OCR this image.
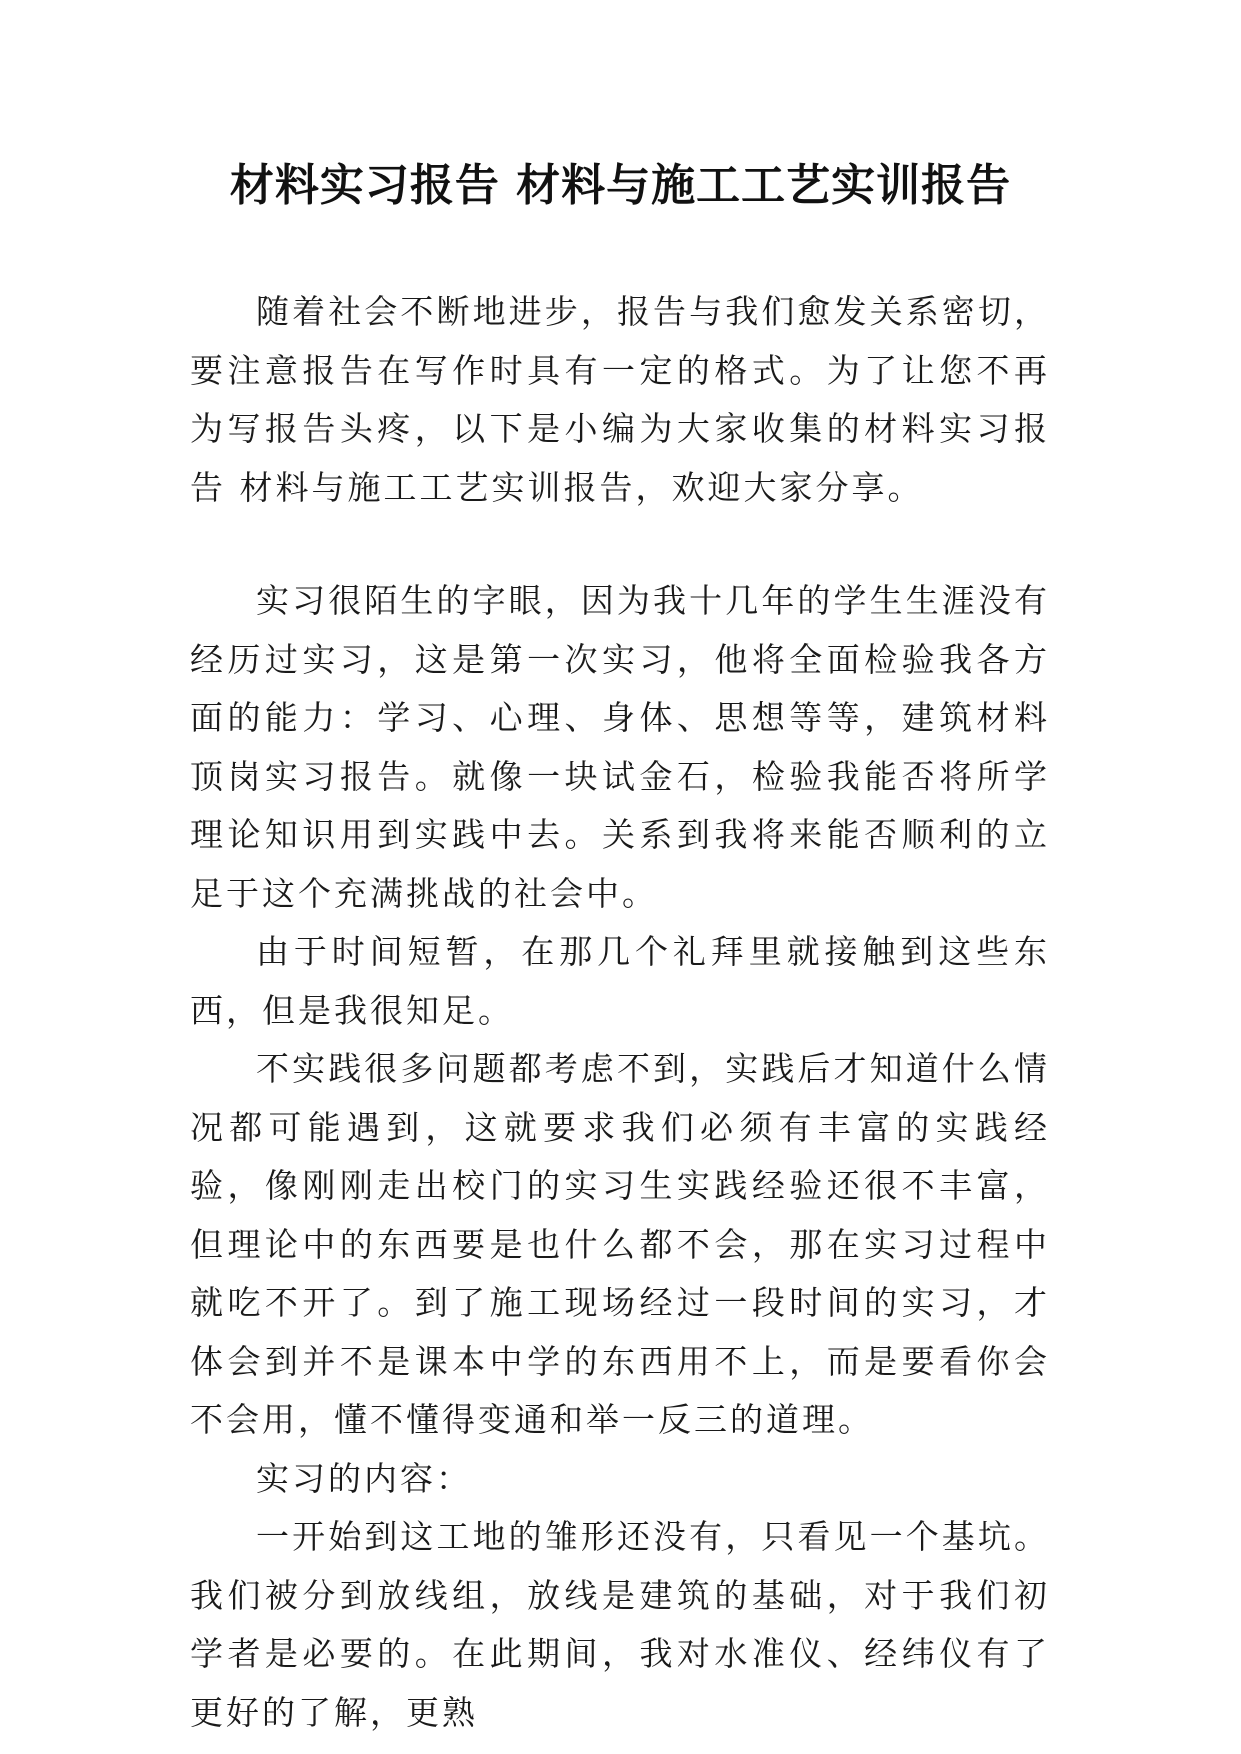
材料实习报告 材料与施工工艺实训报告

随着社会不断地进步，报告与我们愈发关系密切，要注意报告在写作时具有一定的格式。为了让您不再为写报告头疼，以下是小编为大家收集的材料实习报告 材料与施工工艺实训报告，欢迎大家分享。

实习很陌生的字眼，因为我十几年的学生生涯没有经历过实习，这是第一次实习，他将全面检验我各方面的能力：学习、心理、身体、思想等等，建筑材料顶岗实习报告。就像一块试金石，检验我能否将所学理论知识用到实践中去。关系到我将来能否顺利的立足于这个充满挑战的社会中。

由于时间短暂，在那几个礼拜里就接触到这些东西，但是我很知足。

不实践很多问题都考虑不到，实践后才知道什么情况都可能遇到，这就要求我们必须有丰富的实践经验，像刚刚走出校门的实习生实践经验还很不丰富，但理论中的东西要是也什么都不会，那在实习过程中就吃不开了。到了施工现场经过一段时间的实习，才体会到并不是课本中学的东西用不上，而是要看你会不会用，懂不懂得变通和举一反三的道理。

实习的内容：

一开始到这工地的雏形还没有，只看见一个基坑。我们被分到放线组，放线是建筑的基础，对于我们初学者是必要的。在此期间，我对水准仪、经纬仪有了更好的了解，更熟
